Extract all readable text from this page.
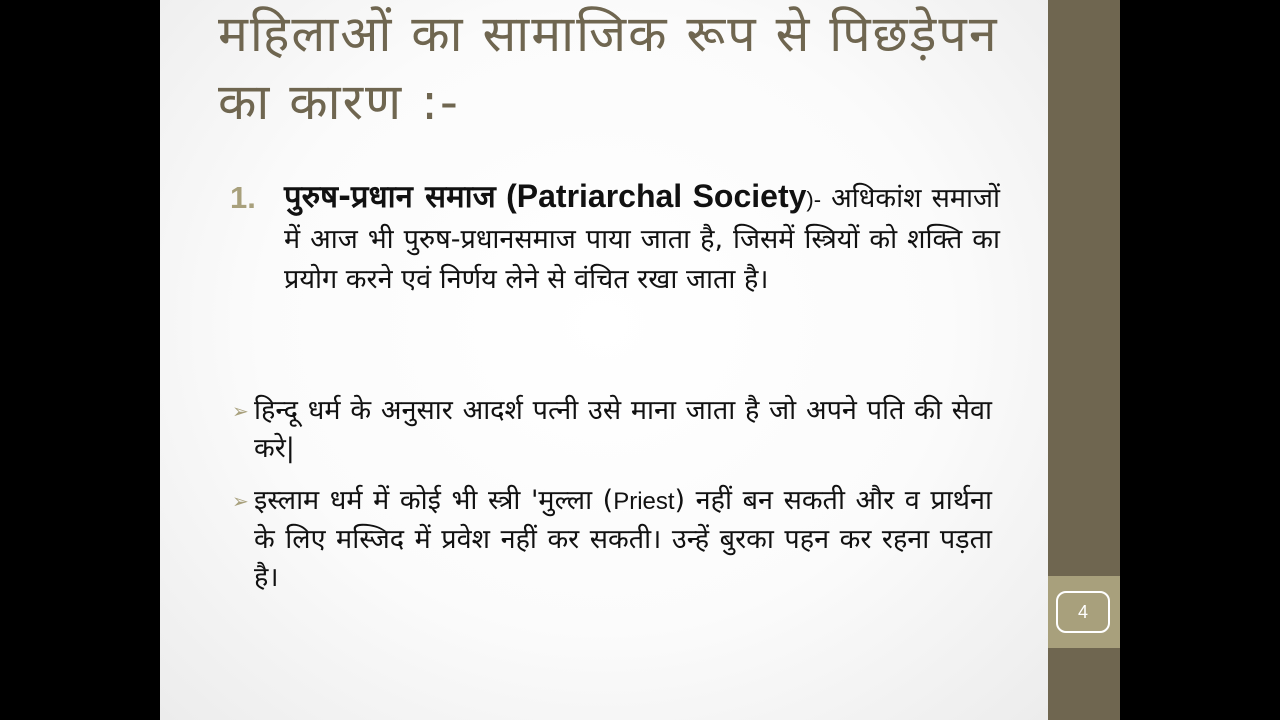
महिलाओं का सामाजिक रूप से पिछड़ेपन का कारण :-
1. पुरुष-प्रधान समाज (Patriarchal Society)- अधिकांश समाजों में आज भी पुरुष-प्रधानसमाज पाया जाता है, जिसमें स्त्रियों को शक्ति का प्रयोग करने एवं निर्णय लेने से वंचित रखा जाता है।
➢ हिन्दू धर्म के अनुसार आदर्श पत्नी उसे माना जाता है जो अपने पति की सेवा करे|
➢ इस्लाम धर्म में कोई भी स्त्री 'मुल्ला (Priest) नहीं बन सकती और व प्रार्थना के लिए मस्जिद में प्रवेश नहीं कर सकती। उन्हें बुरका पहन कर रहना पड़ता है।
4
